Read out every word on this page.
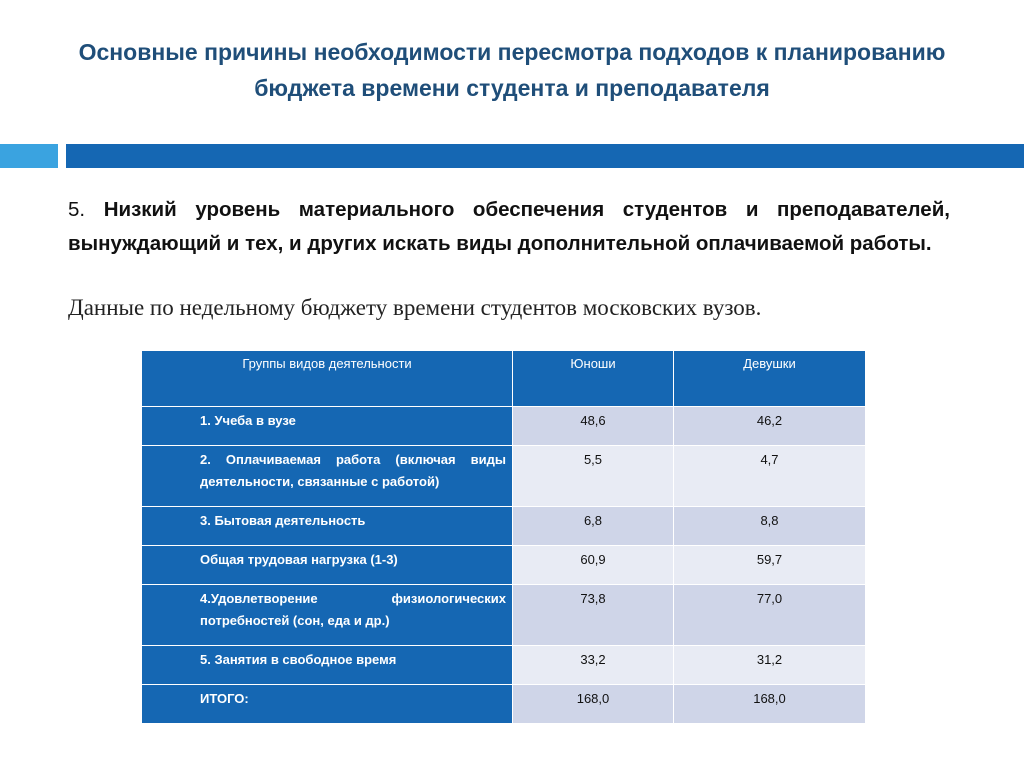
Основные причины необходимости пересмотра подходов к планированию бюджета времени студента и преподавателя
5. Низкий уровень материального обеспечения студентов и преподавателей, вынуждающий и тех, и других искать виды дополнительной оплачиваемой работы.
Данные по недельному бюджету времени студентов московских вузов.
Группы видов деятельности	Юноши	Девушки
1. Учеба в вузе	48,6	46,2
2. Оплачиваемая работа (включая виды деятельности, связанные с работой)	5,5	4,7
3. Бытовая деятельность	6,8	8,8
Общая трудовая нагрузка (1-3)	60,9	59,7
4.Удовлетворение физиологических потребностей (сон, еда и др.)	73,8	77,0
5. Занятия в свободное время	33,2	31,2
ИТОГО:	168,0	168,0
